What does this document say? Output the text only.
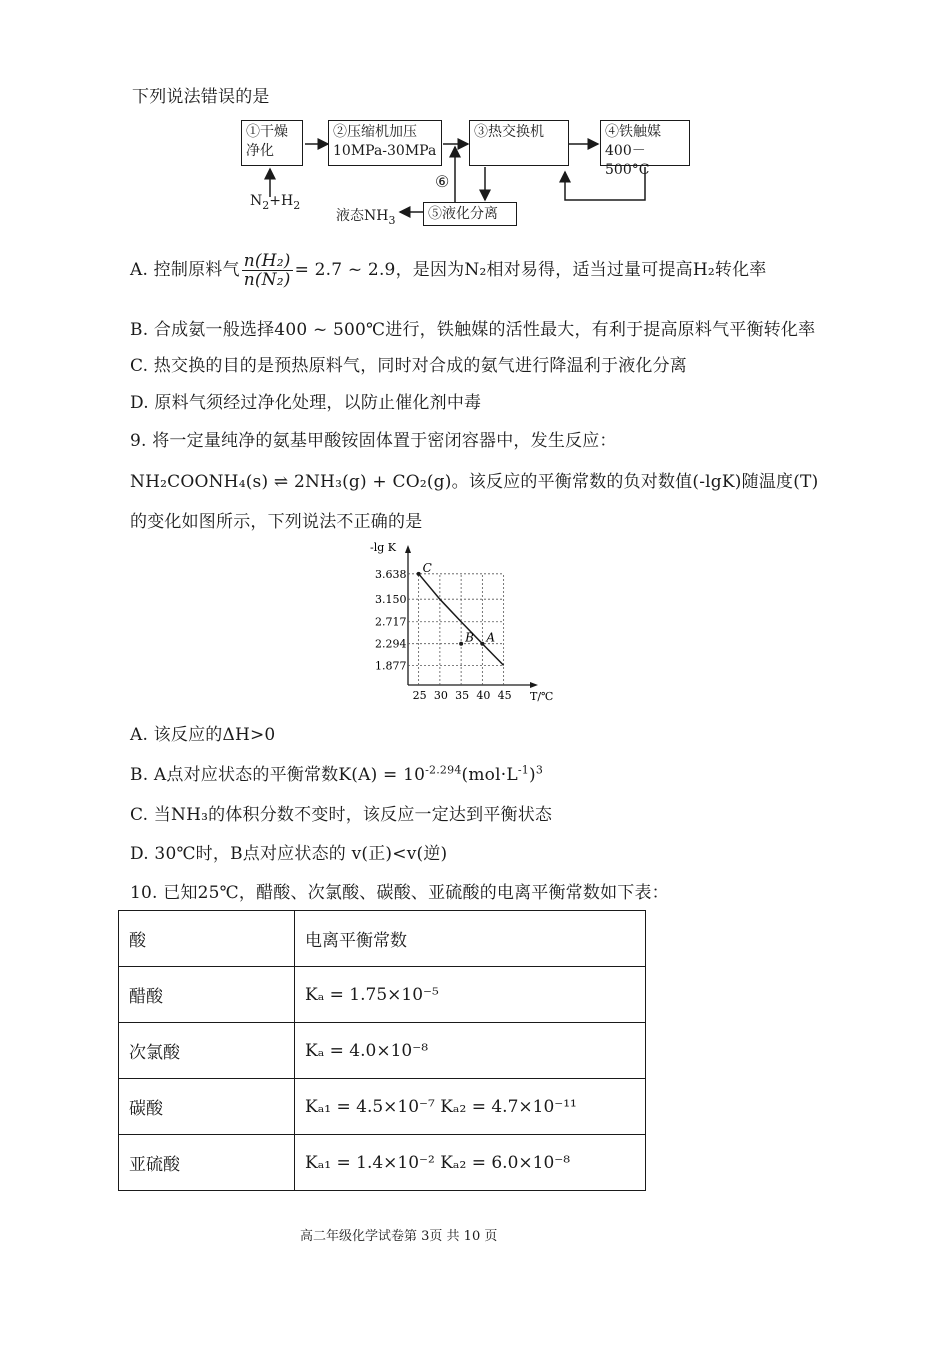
下列说法错误的是
①干燥
净化
②压缩机加压
10MPa-30MPa
③热交换机	④铁触媒
400－500°C
⑤液化分离
⑥
$N_2+H_2$
液态$NH_3$
A. 控制原料气 $\frac{\text{n(H₂)}}{\text{n(N₂)}} = 2.7$ ~ 2.9，是因为N₂相对易得，适当过量可提高H₂转化率
B. 合成氨一般选择400 ~ 500℃进行，铁触媒的活性最大，有利于提高原料气平衡转化率
C. 热交换的目的是预热原料气，同时对合成的氨气进行降温利于液化分离
D. 原料气须经过净化处理，以防止催化剂中毒
9. 将一定量纯净的氨基甲酸铵固体置于密闭容器中，发生反应：
NH₂COONH₄(s) ⇌ 2NH₃(g) + CO₂(g)。该反应的平衡常数的负对数值(-lgK)随温度(T)
的变化如图所示，下列说法不正确的是
-lg K
T/℃
25 30 35 40 45
3.638
3.150
2.717
2.294
1.877
C
A
B
A. 该反应的ΔH>0
B. A点对应状态的平衡常数$K(A) = 10^{-2.294}(mol\cdot L^{-1})^3$
C. 当NH₃的体积分数不变时，该反应一定达到平衡状态
D. 30℃时，B点对应状态的 v(正)<v(逆)
10. 已知25℃，醋酸、次氯酸、碳酸、亚硫酸的电离平衡常数如下表：
酸	电离平衡常数
醋酸	Kₐ = 1.75×10⁻⁵
次氯酸	Kₐ = 4.0×10⁻⁸
碳酸	Kₐ₁ = 4.5×10⁻⁷ Kₐ₂ = 4.7×10⁻¹¹
亚硫酸	Kₐ₁ = 1.4×10⁻² Kₐ₂ = 6.0×10⁻⁸
高二年级化学试卷第 3页 共 10 页
